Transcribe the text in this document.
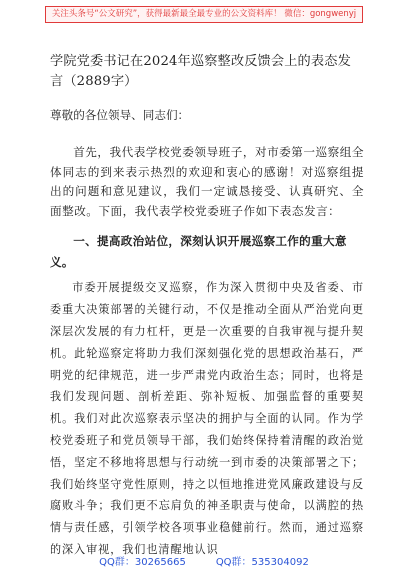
关注头条号“公文研究”，获得最新最全最专业的公文资料库！ 微信：gongwenyj
学院党委书记在2024年巡察整改反馈会上的表态发言（2889字）

尊敬的各位领导、同志们：

首先，我代表学校党委领导班子，对市委第一巡察组全体同志的到来表示热烈的欢迎和衷心的感谢！对巡察组提出的问题和意见建议，我们一定诚恳接受、认真研究、全面整改。下面，我代表学校党委班子作如下表态发言：

一、提高政治站位，深刻认识开展巡察工作的重大意义。

市委开展提级交叉巡察，作为深入贯彻中央及省委、市委重大决策部署的关键行动，不仅是推动全面从严治党向更深层次发展的有力杠杆，更是一次重要的自我审视与提升契机。此轮巡察定将助力我们深刻强化党的思想政治基石，严明党的纪律规范，进一步严肃党内政治生态；同时，也将是我们发现问题、剖析差距、弥补短板、加强监督的重要契机。我们对此次巡察表示坚决的拥护与全面的认同。作为学校党委班子和党员领导干部，我们始终保持着清醒的政治觉悟，坚定不移地将思想与行动统一到市委的决策部署之下；我们始终坚守党性原则，持之以恒地推进党风廉政建设与反腐败斗争；我们更不忘肩负的神圣职责与使命，以满腔的热情与责任感，引领学校各项事业稳健前行。然而，通过巡察的深入审视，我们也清醒地认识

QQ群：30265665	QQ群：535304092
